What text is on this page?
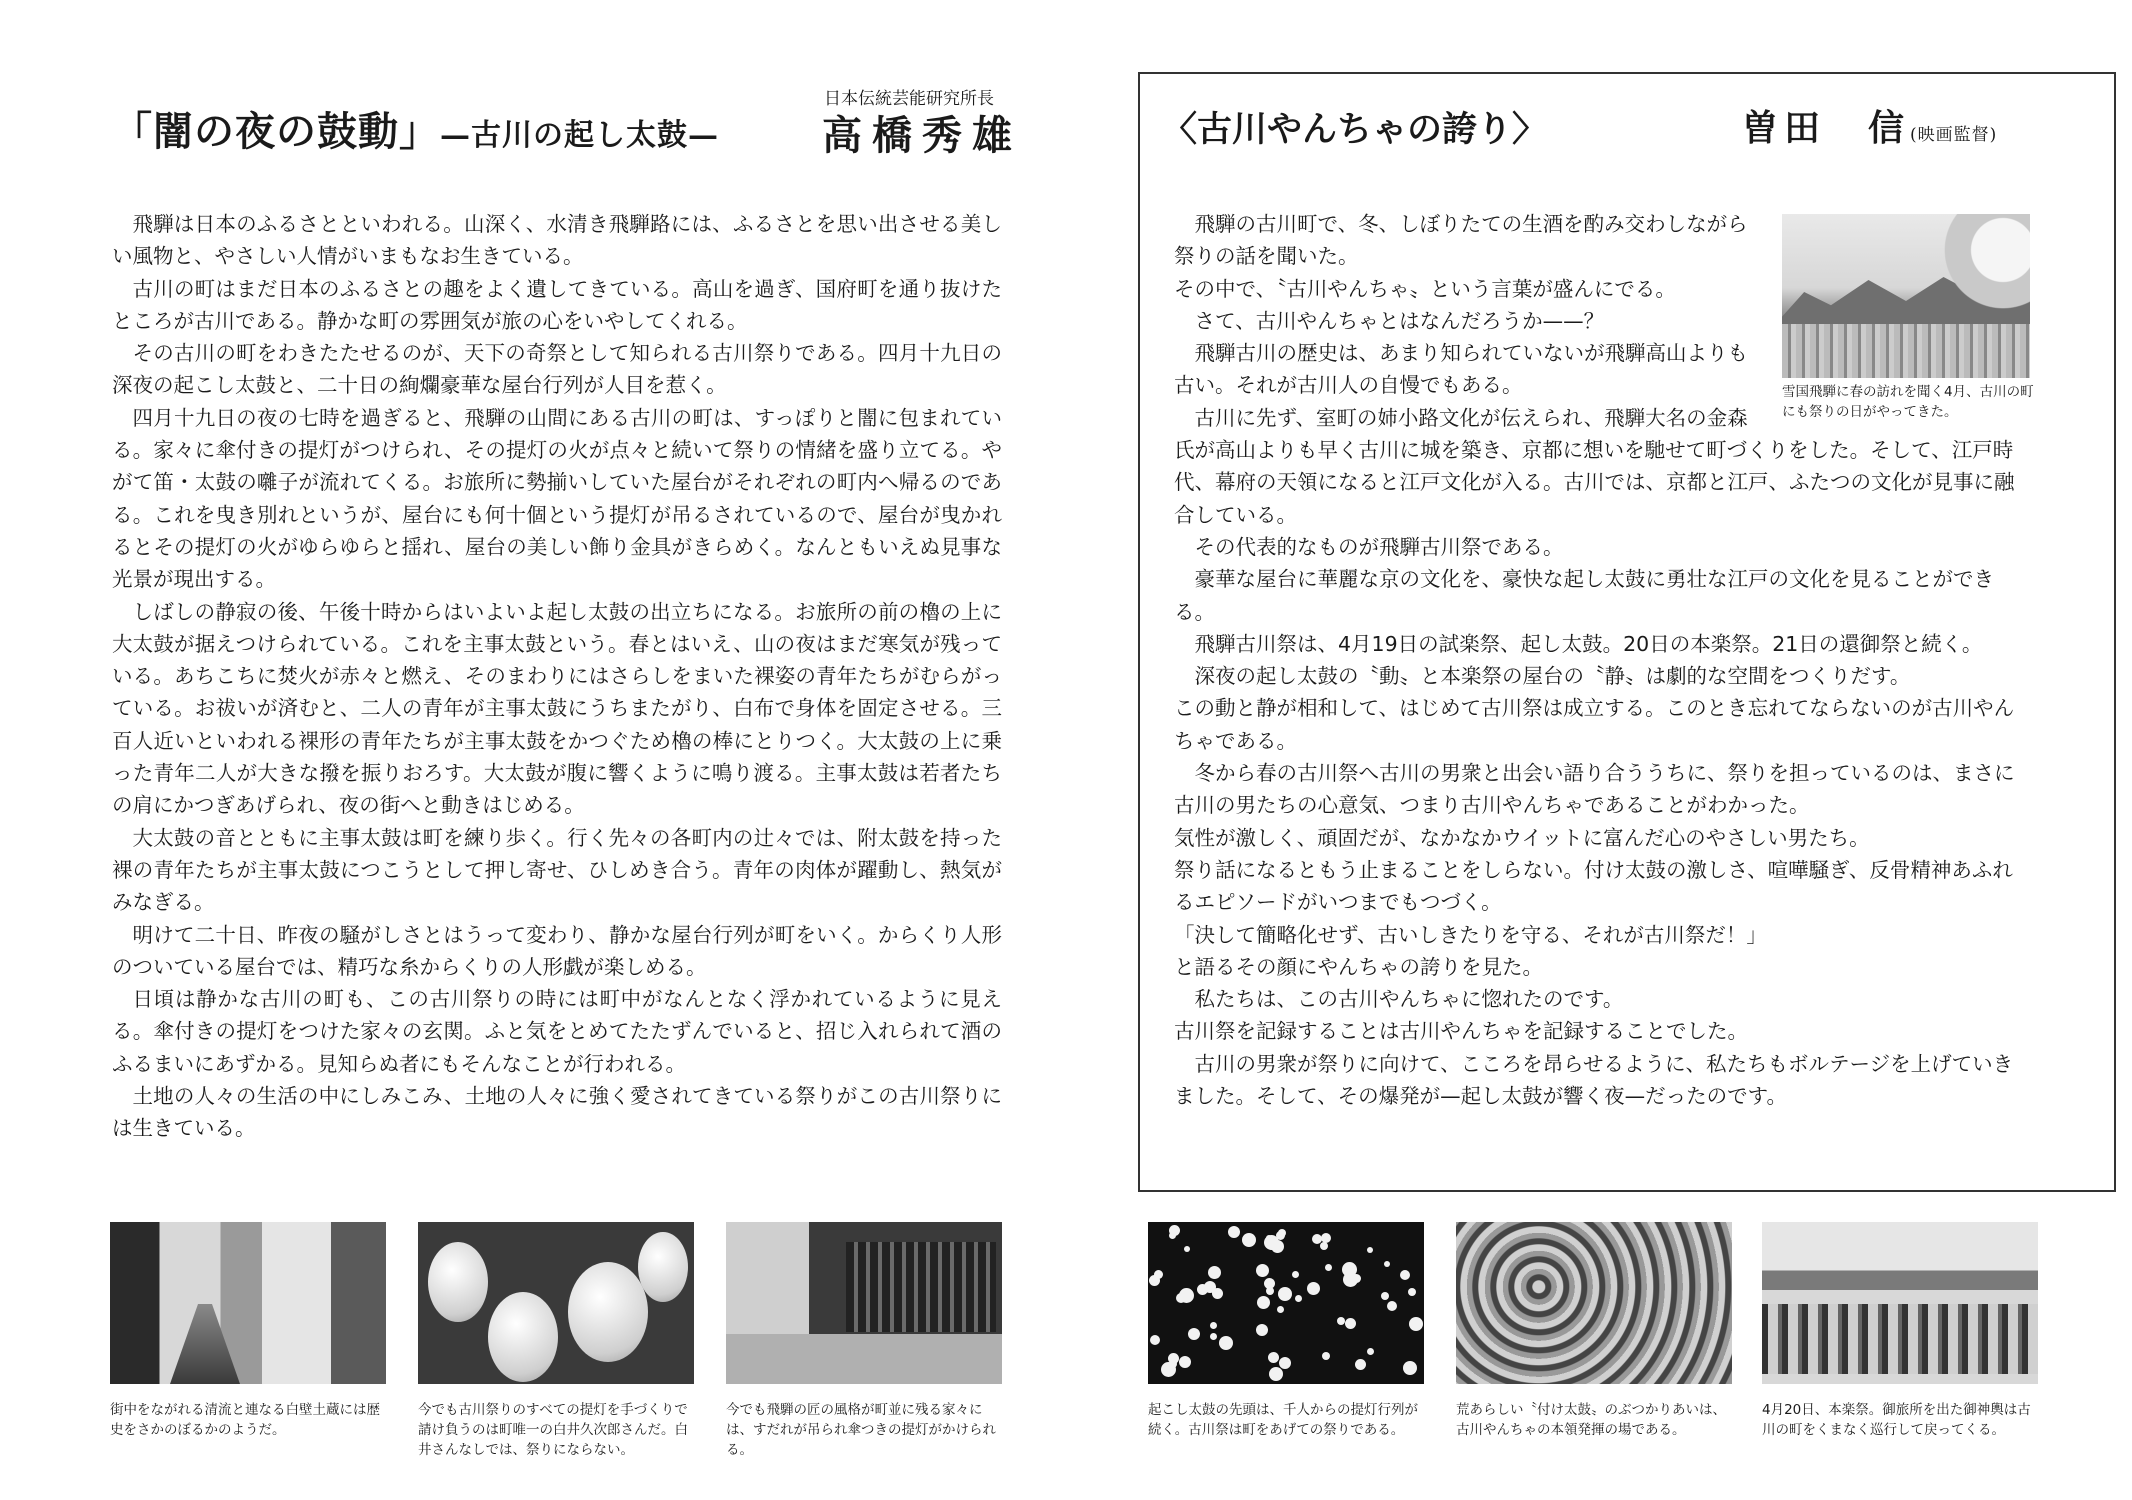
「闇の夜の鼓動」—古川の起し太鼓—
日本伝統芸能研究所長
高橋秀雄

飛騨は日本のふるさとといわれる。山深く、水清き飛騨路には、ふるさとを思い出させる美しい風物と、やさしい人情がいまもなお生きている。

古川の町はまだ日本のふるさとの趣をよく遺してきている。高山を過ぎ、国府町を通り抜けたところが古川である。静かな町の雰囲気が旅の心をいやしてくれる。

その古川の町をわきたたせるのが、天下の奇祭として知られる古川祭りである。四月十九日の深夜の起こし太鼓と、二十日の絢爛豪華な屋台行列が人目を惹く。

四月十九日の夜の七時を過ぎると、飛騨の山間にある古川の町は、すっぽりと闇に包まれている。家々に傘付きの提灯がつけられ、その提灯の火が点々と続いて祭りの情緒を盛り立てる。やがて笛・太鼓の囃子が流れてくる。お旅所に勢揃いしていた屋台がそれぞれの町内へ帰るのである。これを曳き別れというが、屋台にも何十個という提灯が吊るされているので、屋台が曳かれるとその提灯の火がゆらゆらと揺れ、屋台の美しい飾り金具がきらめく。なんともいえぬ見事な光景が現出する。

しばしの静寂の後、午後十時からはいよいよ起し太鼓の出立ちになる。お旅所の前の櫓の上に大太鼓が据えつけられている。これを主事太鼓という。春とはいえ、山の夜はまだ寒気が残っている。あちこちに焚火が赤々と燃え、そのまわりにはさらしをまいた裸姿の青年たちがむらがっている。お祓いが済むと、二人の青年が主事太鼓にうちまたがり、白布で身体を固定させる。三百人近いといわれる裸形の青年たちが主事太鼓をかつぐため櫓の棒にとりつく。大太鼓の上に乗った青年二人が大きな撥を振りおろす。大太鼓が腹に響くように鳴り渡る。主事太鼓は若者たちの肩にかつぎあげられ、夜の街へと動きはじめる。

大太鼓の音とともに主事太鼓は町を練り歩く。行く先々の各町内の辻々では、附太鼓を持った裸の青年たちが主事太鼓につこうとして押し寄せ、ひしめき合う。青年の肉体が躍動し、熱気がみなぎる。

明けて二十日、昨夜の騒がしさとはうって変わり、静かな屋台行列が町をいく。からくり人形のついている屋台では、精巧な糸からくりの人形戯が楽しめる。

日頃は静かな古川の町も、この古川祭りの時には町中がなんとなく浮かれているように見える。傘付きの提灯をつけた家々の玄関。ふと気をとめてたたずんでいると、招じ入れられて酒のふるまいにあずかる。見知らぬ者にもそんなことが行われる。

土地の人々の生活の中にしみこみ、土地の人々に強く愛されてきている祭りがこの古川祭りには生きている。

街中をながれる清流と連なる白壁土蔵には歴史をさかのぼるかのようだ。
今でも古川祭りのすべての提灯を手づくりで請け負うのは町唯一の白井久次郎さんだ。白井さんなしでは、祭りにならない。
今でも飛騨の匠の風格が町並に残る家々には、すだれが吊られ傘つきの提灯がかけられる。
〈古川やんちゃの誇り〉	曽田　信(映画監督)
雪国飛騨に春の訪れを聞く4月、古川の町にも祭りの日がやってきた。

飛騨の古川町で、冬、しぼりたての生酒を酌み交わしながら祭りの話を聞いた。

その中で、〝古川やんちゃ〟という言葉が盛んにでる。

さて、古川やんちゃとはなんだろうか——？

飛騨古川の歴史は、あまり知られていないが飛騨高山よりも古い。それが古川人の自慢でもある。

古川に先ず、室町の姉小路文化が伝えられ、飛騨大名の金森氏が高山よりも早く古川に城を築き、京都に想いを馳せて町づくりをした。そして、江戸時代、幕府の天領になると江戸文化が入る。古川では、京都と江戸、ふたつの文化が見事に融合している。

その代表的なものが飛騨古川祭である。

豪華な屋台に華麗な京の文化を、豪快な起し太鼓に勇壮な江戸の文化を見ることができる。

飛騨古川祭は、4月19日の試楽祭、起し太鼓。20日の本楽祭。21日の還御祭と続く。

深夜の起し太鼓の〝動〟と本楽祭の屋台の〝静〟は劇的な空間をつくりだす。

この動と静が相和して、はじめて古川祭は成立する。このとき忘れてならないのが古川やんちゃである。

冬から春の古川祭へ古川の男衆と出会い語り合ううちに、祭りを担っているのは、まさに古川の男たちの心意気、つまり古川やんちゃであることがわかった。

気性が激しく、頑固だが、なかなかウイットに富んだ心のやさしい男たち。

祭り話になるともう止まることをしらない。付け太鼓の激しさ、喧嘩騒ぎ、反骨精神あふれるエピソードがいつまでもつづく。

「決して簡略化せず、古いしきたりを守る、それが古川祭だ！」

と語るその顔にやんちゃの誇りを見た。

私たちは、この古川やんちゃに惚れたのです。

古川祭を記録することは古川やんちゃを記録することでした。

古川の男衆が祭りに向けて、こころを昂らせるように、私たちもボルテージを上げていきました。そして、その爆発が—起し太鼓が響く夜—だったのです。

起こし太鼓の先頭は、千人からの提灯行列が続く。古川祭は町をあげての祭りである。
荒あらしい〝付け太鼓〟のぶつかりあいは、古川やんちゃの本領発揮の場である。
4月20日、本楽祭。御旅所を出た御神輿は古川の町をくまなく巡行して戻ってくる。
